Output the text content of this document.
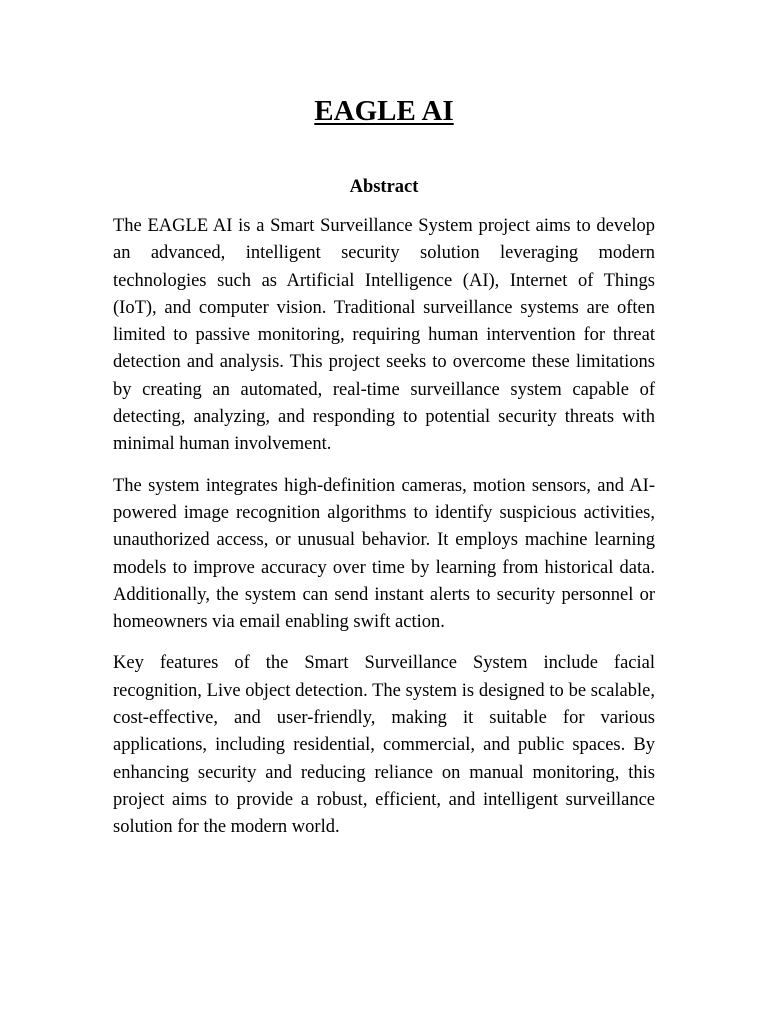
EAGLE AI
Abstract

The EAGLE AI is a Smart Surveillance System project aims to develop an advanced, intelligent security solution leveraging modern technologies such as Artificial Intelligence (AI), Internet of Things (IoT), and computer vision. Traditional surveillance systems are often limited to passive monitoring, requiring human intervention for threat detection and analysis. This project seeks to overcome these limitations by creating an automated, real-time surveillance system capable of detecting, analyzing, and responding to potential security threats with minimal human involvement.

The system integrates high-definition cameras, motion sensors, and AI-powered image recognition algorithms to identify suspicious activities, unauthorized access, or unusual behavior. It employs machine learning models to improve accuracy over time by learning from historical data. Additionally, the system can send instant alerts to security personnel or homeowners via email enabling swift action.

Key features of the Smart Surveillance System include facial recognition, Live object detection. The system is designed to be scalable, cost-effective, and user-friendly, making it suitable for various applications, including residential, commercial, and public spaces. By enhancing security and reducing reliance on manual monitoring, this project aims to provide a robust, efficient, and intelligent surveillance solution for the modern world.
